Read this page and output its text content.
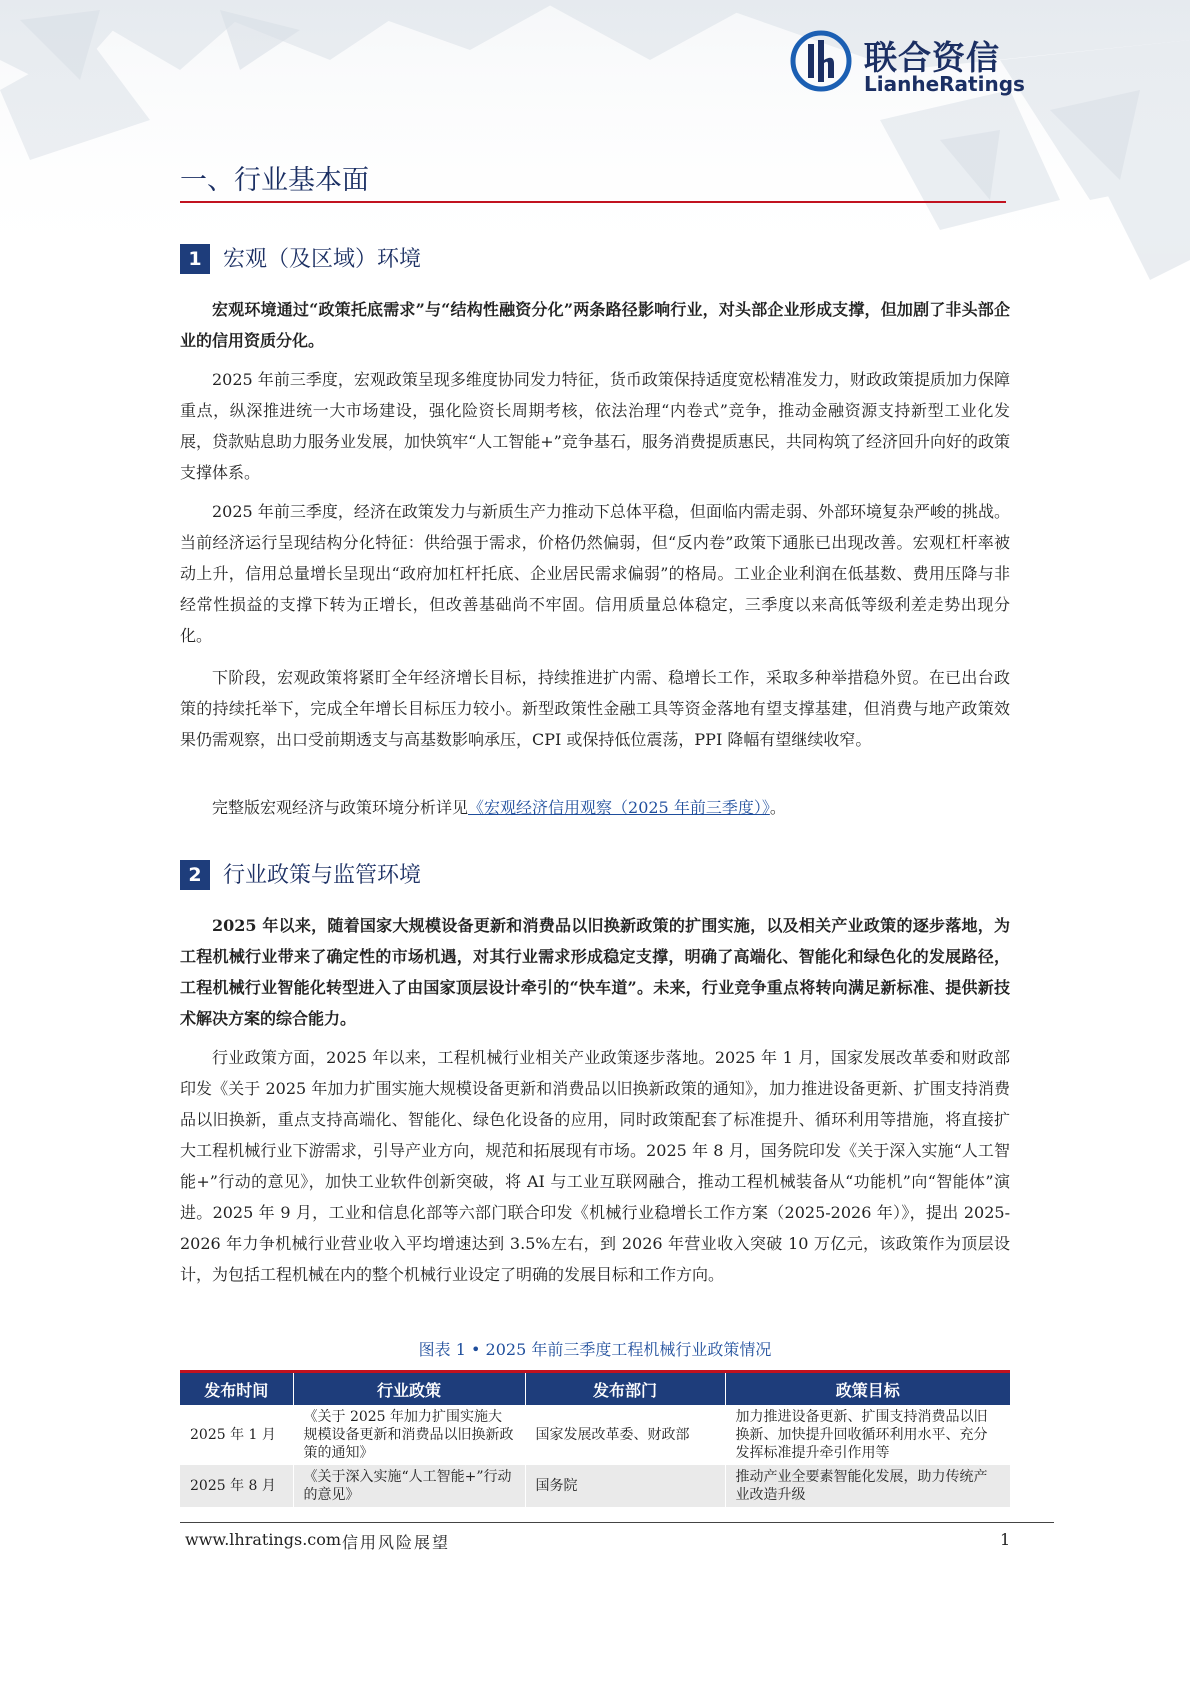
联合资信
LianheRatings
一、行业基本面
1 宏观（及区域）环境

宏观环境通过“政策托底需求”与“结构性融资分化”两条路径影响行业，对头部企业形成支撑，但加剧了非头部企业的信用资质分化。

2025 年前三季度，宏观政策呈现多维度协同发力特征，货币政策保持适度宽松精准发力，财政政策提质加力保障重点，纵深推进统一大市场建设，强化险资长周期考核，依法治理“内卷式”竞争，推动金融资源支持新型工业化发展，贷款贴息助力服务业发展，加快筑牢“人工智能+”竞争基石，服务消费提质惠民，共同构筑了经济回升向好的政策支撑体系。

2025 年前三季度，经济在政策发力与新质生产力推动下总体平稳，但面临内需走弱、外部环境复杂严峻的挑战。当前经济运行呈现结构分化特征：供给强于需求，价格仍然偏弱，但“反内卷”政策下通胀已出现改善。宏观杠杆率被动上升，信用总量增长呈现出“政府加杠杆托底、企业居民需求偏弱”的格局。工业企业利润在低基数、费用压降与非经常性损益的支撑下转为正增长，但改善基础尚不牢固。信用质量总体稳定，三季度以来高低等级利差走势出现分化。

下阶段，宏观政策将紧盯全年经济增长目标，持续推进扩内需、稳增长工作，采取多种举措稳外贸。在已出台政策的持续托举下，完成全年增长目标压力较小。新型政策性金融工具等资金落地有望支撑基建，但消费与地产政策效果仍需观察，出口受前期透支与高基数影响承压，CPI 或保持低位震荡，PPI 降幅有望继续收窄。

完整版宏观经济与政策环境分析详见《宏观经济信用观察（2025 年前三季度）》。

2 行业政策与监管环境

2025 年以来，随着国家大规模设备更新和消费品以旧换新政策的扩围实施，以及相关产业政策的逐步落地，为工程机械行业带来了确定性的市场机遇，对其行业需求形成稳定支撑，明确了高端化、智能化和绿色化的发展路径，工程机械行业智能化转型进入了由国家顶层设计牵引的“快车道”。未来，行业竞争重点将转向满足新标准、提供新技术解决方案的综合能力。

行业政策方面，2025 年以来，工程机械行业相关产业政策逐步落地。2025 年 1 月，国家发展改革委和财政部印发《关于 2025 年加力扩围实施大规模设备更新和消费品以旧换新政策的通知》，加力推进设备更新、扩围支持消费品以旧换新，重点支持高端化、智能化、绿色化设备的应用，同时政策配套了标准提升、循环利用等措施，将直接扩大工程机械行业下游需求，引导产业方向，规范和拓展现有市场。2025 年 8 月，国务院印发《关于深入实施“人工智能+”行动的意见》，加快工业软件创新突破，将 AI 与工业互联网融合，推动工程机械装备从“功能机”向“智能体”演进。2025 年 9 月，工业和信息化部等六部门联合印发《机械行业稳增长工作方案（2025-2026 年）》，提出 2025-2026 年力争机械行业营业收入平均增速达到 3.5%左右，到 2026 年营业收入突破 10 万亿元，该政策作为顶层设计，为包括工程机械在内的整个机械行业设定了明确的发展目标和工作方向。

图表 1 • 2025 年前三季度工程机械行业政策情况
发布时间	行业政策	发布部门	政策目标
2025 年 1 月	《关于 2025 年加力扩围实施大规模设备更新和消费品以旧换新政策的通知》	国家发展改革委、财政部	加力推进设备更新、扩围支持消费品以旧换新、加快提升回收循环利用水平、充分发挥标准提升牵引作用等
2025 年 8 月	《关于深入实施“人工智能+”行动的意见》	国务院	推动产业全要素智能化发展，助力传统产业改造升级
www.lhratings.com 信用风险展望	1
